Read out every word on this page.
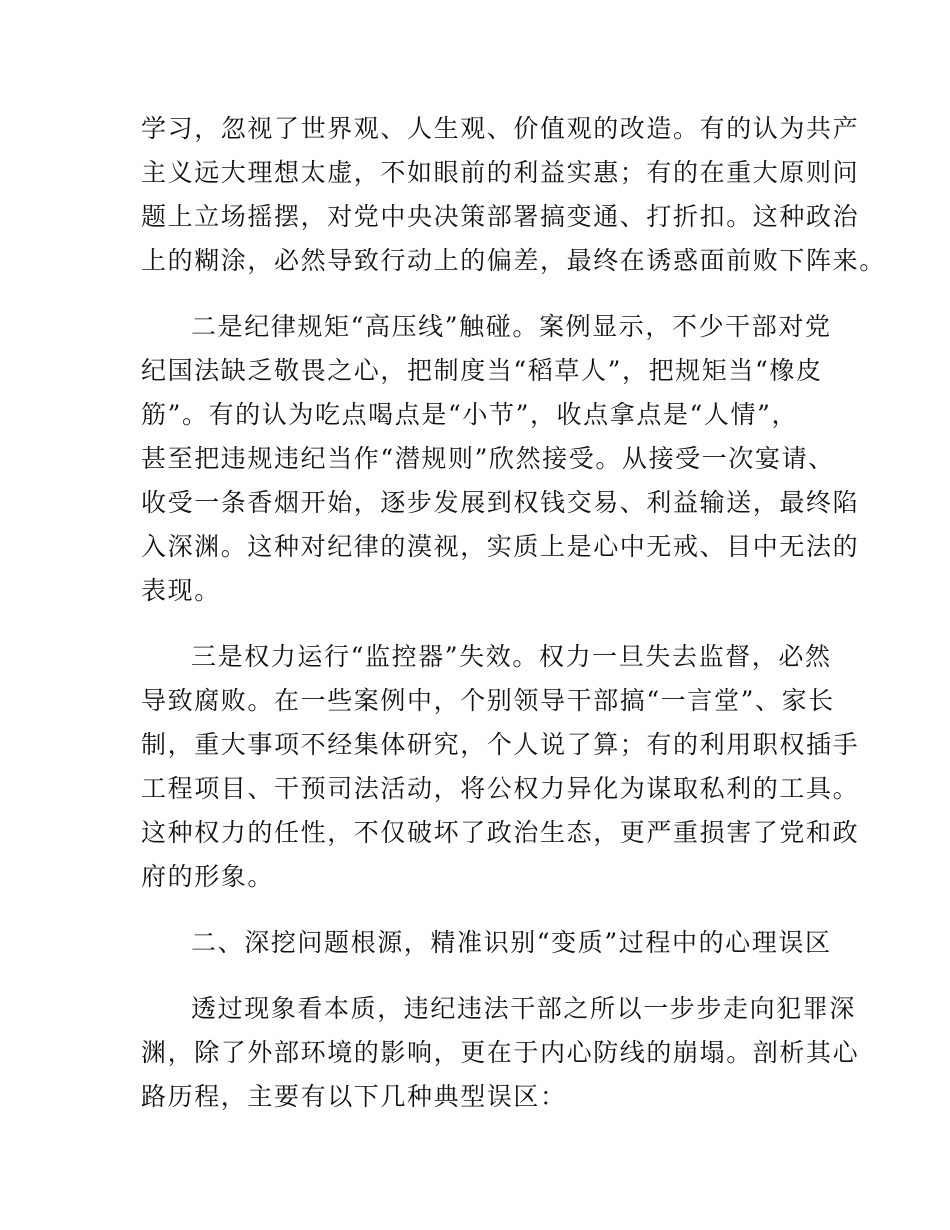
学习，忽视了世界观、人生观、价值观的改造。有的认为共产
主义远大理想太虚，不如眼前的利益实惠；有的在重大原则问
题上立场摇摆，对党中央决策部署搞变通、打折扣。这种政治
上的糊涂，必然导致行动上的偏差，最终在诱惑面前败下阵来。
二是纪律规矩“高压线”触碰。案例显示，不少干部对党
纪国法缺乏敬畏之心，把制度当“稻草人”，把规矩当“橡皮
筋”。有的认为吃点喝点是“小节”，收点拿点是“人情”，
甚至把违规违纪当作“潜规则”欣然接受。从接受一次宴请、
收受一条香烟开始，逐步发展到权钱交易、利益输送，最终陷
入深渊。这种对纪律的漠视，实质上是心中无戒、目中无法的
表现。
三是权力运行“监控器”失效。权力一旦失去监督，必然
导致腐败。在一些案例中，个别领导干部搞“一言堂”、家长
制，重大事项不经集体研究，个人说了算；有的利用职权插手
工程项目、干预司法活动，将公权力异化为谋取私利的工具。
这种权力的任性，不仅破坏了政治生态，更严重损害了党和政
府的形象。
二、深挖问题根源，精准识别“变质”过程中的心理误区
透过现象看本质，违纪违法干部之所以一步步走向犯罪深
渊，除了外部环境的影响，更在于内心防线的崩塌。剖析其心
路历程，主要有以下几种典型误区：
